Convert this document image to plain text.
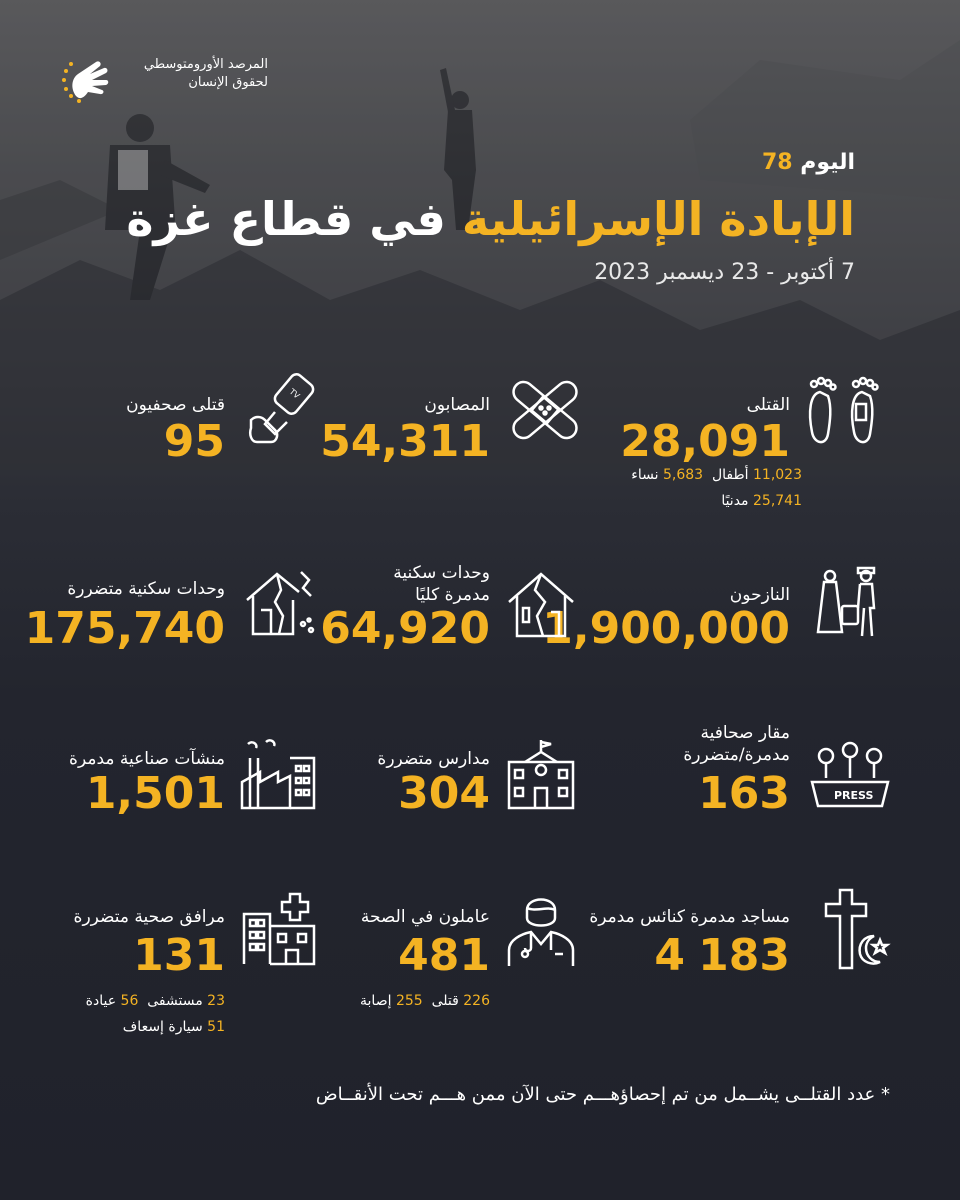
المرصد الأورومتوسطي
لحقوق الإنسان
اليوم 78
الإبادة الإسرائيلية في قطاع غزة
7 أكتوبر - 23 ديسمبر 2023
القتلى
28,091
11,023 أطفال  5,683 نساء
25,741 مدنيًا
المصابون
54,311
TV
قتلى صحفيون
95
النازحون
1,900,000
وحدات سكنية
مدمرة كليًا
64,920
وحدات سكنية متضررة
175,740
PRESS
مقار صحافية
مدمرة/متضررة
163
مدارس متضررة
304
منشآت صناعية مدمرة
1,501
مساجد مدمرة
183
كنائس مدمرة
4
عاملون في الصحة
481
226 قتلى  255 إصابة
مرافق صحية متضررة
131
23 مستشفى  56 عيادة
51 سيارة إسعاف
* عدد القتلــى يشــمل من تم إحصاؤهـــم حتى الآن ممن هـــم تحت الأنقــاض
